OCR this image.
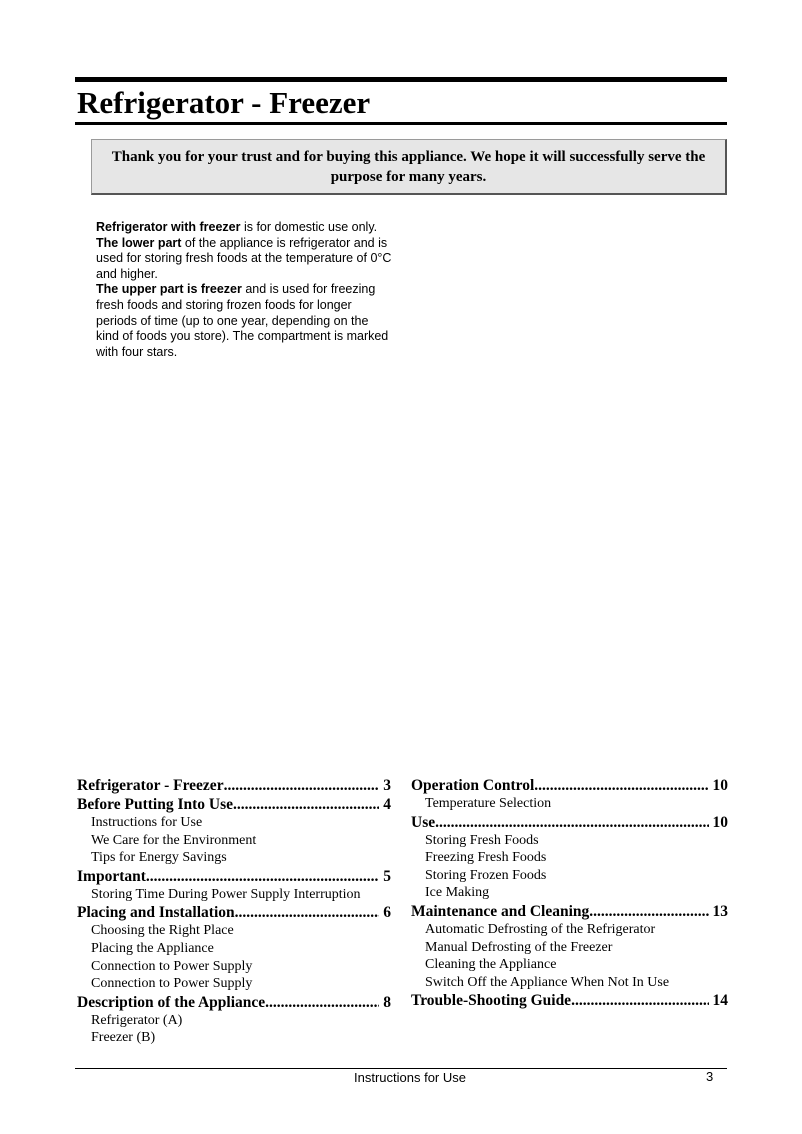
Refrigerator - Freezer
Thank you for your trust and for buying this appliance. We hope it will successfully serve the purpose for many years.

Refrigerator with freezer is for domestic use only.

The lower part of the appliance is refrigerator and is used for storing fresh foods at the temperature of 0°C and higher.

The upper part is freezer and is used for freezing fresh foods and storing frozen foods for longer periods of time (up to one year, depending on the kind of foods you store). The compartment is marked with four stars.

Refrigerator - Freezer .....	3
Before Putting Into Use .....	4
Instructions for Use
We Care for the Environment
Tips for Energy Savings
Important .....	5
Storing Time During Power Supply Interruption
Placing and Installation .....	6
Choosing the Right Place
Placing the Appliance
Connection to Power Supply
Connection to Power Supply
Description of the Appliance .....	8
Refrigerator (A)
Freezer (B)
Operation Control .....	10
Temperature Selection
Use .....	10
Storing Fresh Foods
Freezing Fresh Foods
Storing Frozen Foods
Ice Making
Maintenance and Cleaning .....	13
Automatic Defrosting of the Refrigerator
Manual Defrosting of the Freezer
Cleaning the Appliance
Switch Off the Appliance When Not In Use
Trouble-Shooting Guide .....	14
Instructions for Use	3
